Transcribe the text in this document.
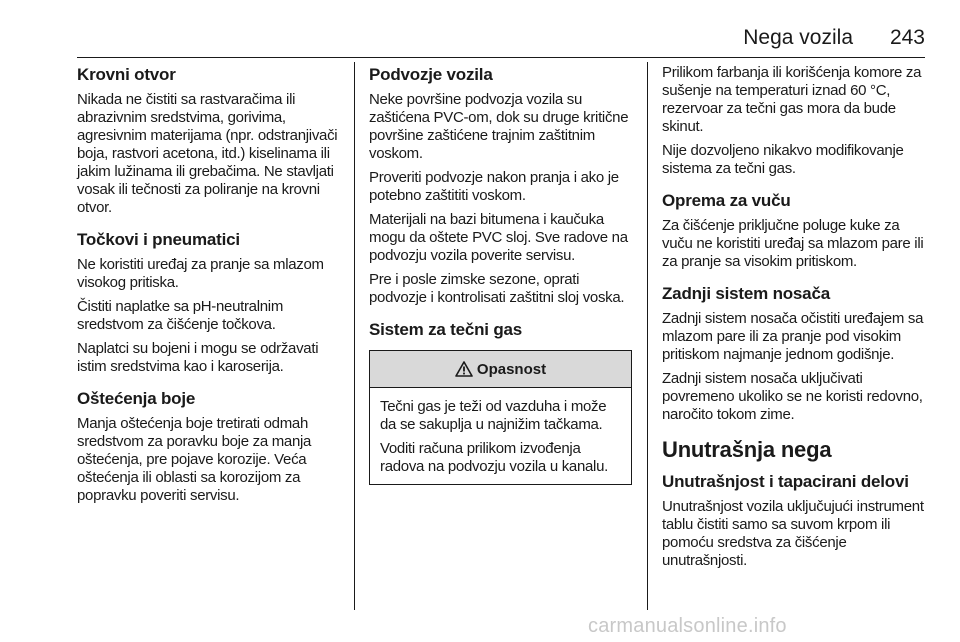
Nega vozila 243
Krovni otvor

Nikada ne čistiti sa rastvaračima ili abrazivnim sredstvima, gorivima, agresivnim materijama (npr. odstranjivači boja, rastvori acetona, itd.) kiselinama ili jakim lužinama ili grebačima. Ne stavljati vosak ili tečnosti za poliranje na krovni otvor.

Točkovi i pneumatici

Ne koristiti uređaj za pranje sa mlazom visokog pritiska.

Čistiti naplatke sa pH-neutralnim sredstvom za čišćenje točkova.

Naplatci su bojeni i mogu se održavati istim sredstvima kao i karoserija.

Oštećenja boje

Manja oštećenja boje tretirati odmah sredstvom za poravku boje za manja oštećenja, pre pojave korozije. Veća oštećenja ili oblasti sa korozijom za popravku poveriti servisu.

Podvozje vozila

Neke površine podvozja vozila su zaštićena PVC-om, dok su druge kritične površine zaštićene trajnim zaštitnim voskom.

Proveriti podvozje nakon pranja i ako je potebno zaštititi voskom.

Materijali na bazi bitumena i kaučuka mogu da oštete PVC sloj. Sve radove na podvozju vozila poverite servisu.

Pre i posle zimske sezone, oprati podvozje i kontrolisati zaštitni sloj voska.

Sistem za tečni gas
Opasnost

Tečni gas je teži od vazduha i može da se sakuplja u najnižim tačkama.

Voditi računa prilikom izvođenja radova na podvozju vozila u kanalu.

Prilikom farbanja ili korišćenja komore za sušenje na temperaturi iznad 60 °C, rezervoar za tečni gas mora da bude skinut.

Nije dozvoljeno nikakvo modifikovanje sistema za tečni gas.

Oprema za vuču

Za čišćenje priključne poluge kuke za vuču ne koristiti uređaj sa mlazom pare ili za pranje sa visokim pritiskom.

Zadnji sistem nosača

Zadnji sistem nosača očistiti uređajem sa mlazom pare ili za pranje pod visokim pritiskom najmanje jednom godišnje.

Zadnji sistem nosača uključivati povremeno ukoliko se ne koristi redovno, naročito tokom zime.

Unutrašnja nega
Unutrašnjost i tapacirani delovi

Unutrašnjost vozila uključujući instrument tablu čistiti samo sa suvom krpom ili pomoću sredstva za čišćenje unutrašnjosti.

carmanualsonline.info
